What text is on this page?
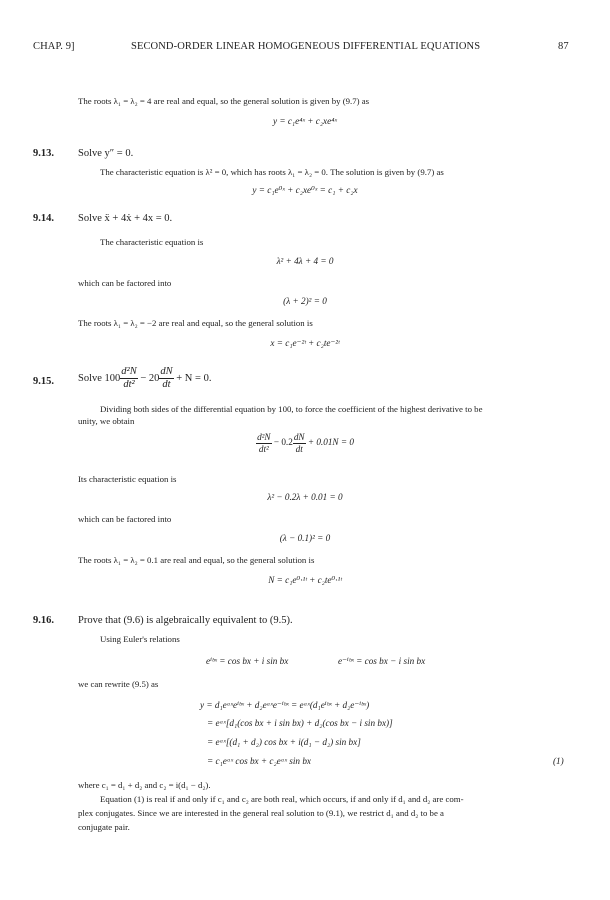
CHAP. 9]	SECOND-ORDER LINEAR HOMOGENEOUS DIFFERENTIAL EQUATIONS	87
The roots λ₁ = λ₂ = 4 are real and equal, so the general solution is given by (9.7) as
y = c₁e⁴ˣ + c₂xe⁴ˣ
9.13. Solve y″ = 0.
The characteristic equation is λ² = 0, which has roots λ₁ = λ₂ = 0. The solution is given by (9.7) as
y = c₁e⁰ˣ + c₂xe⁰ˣ = c₁ + c₂x
9.14. Solve ẍ + 4ẋ + 4x = 0.
The characteristic equation is
λ² + 4λ + 4 = 0
which can be factored into
(λ + 2)² = 0
The roots λ₁ = λ₂ = −2 are real and equal, so the general solution is
x = c₁e⁻²ᵗ + c₂te⁻²ᵗ
9.15. Solve $100 \frac{\text{d²N}}{\text{dt²}} - 20 \frac{dN}{dt} + N = 0$.
Dividing both sides of the differential equation by 100, to force the coefficient of the highest derivative to be
unity, we obtain
$\frac{\text{d²N}}{\text{dt²}} - 0.2 \frac{dN}{dt} + 0.01N = 0$
Its characteristic equation is
λ² − 0.2λ + 0.01 = 0
which can be factored into
(λ − 0.1)² = 0
The roots λ₁ = λ₂ = 0.1 are real and equal, so the general solution is
N = c₁e⁰·¹ᵗ + c₂te⁰·¹ᵗ
9.16. Prove that (9.6) is algebraically equivalent to (9.5).
Using Euler's relations
eⁱᵇˣ = cos bx + i sin bx	e⁻ⁱᵇˣ = cos bx − i sin bx
we can rewrite (9.5) as
y = d₁eᵃˣeⁱᵇˣ + d₂eᵃˣe⁻ⁱᵇˣ = eᵃˣ(d₁eⁱᵇˣ + d₂e⁻ⁱᵇˣ)
= eᵃˣ[d₁(cos bx + i sin bx) + d₂(cos bx − i sin bx)]
= eᵃˣ[(d₁ + d₂) cos bx + i(d₁ − d₂) sin bx]
= c₁eᵃˣ cos bx + c₂eᵃˣ sin bx	(1)
where c₁ = d₁ + d₂ and c₂ = i(d₁ − d₂).
Equation (1) is real if and only if c₁ and c₂ are both real, which occurs, if and only if d₁ and d₂ are com-
plex conjugates. Since we are interested in the general real solution to (9.1), we restrict d₁ and d₂ to be a
conjugate pair.
